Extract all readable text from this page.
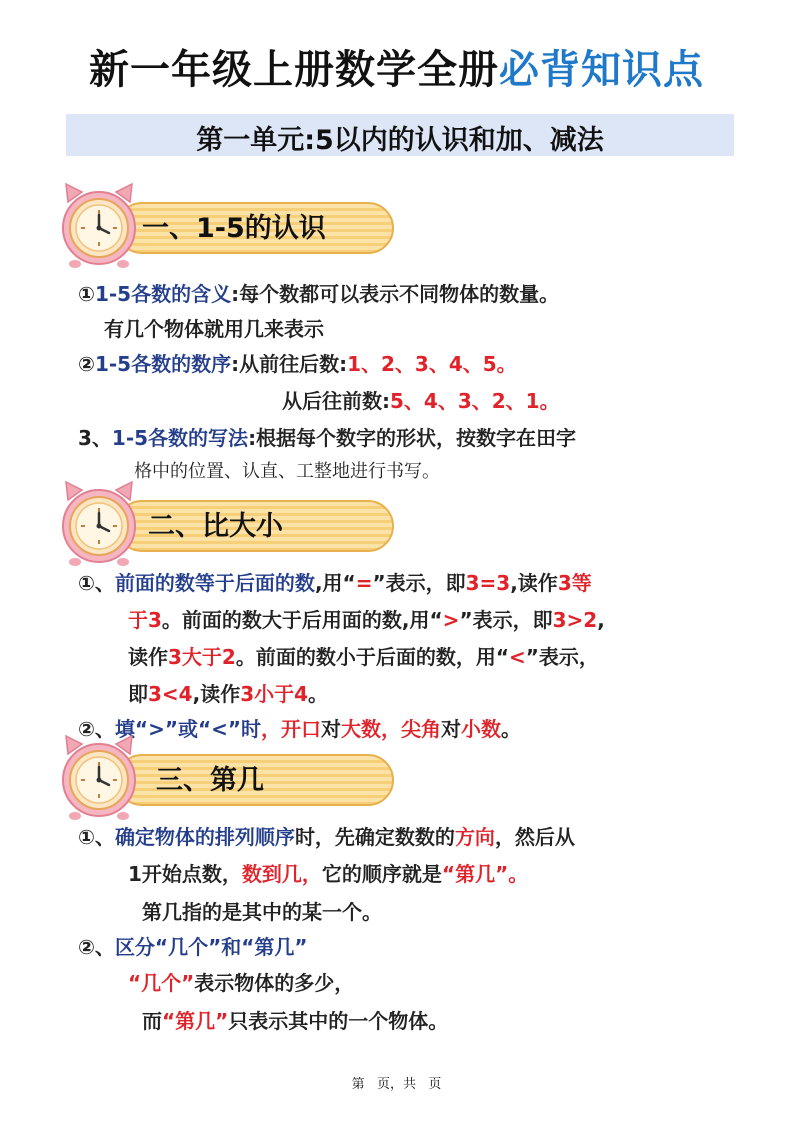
新一年级上册数学全册必背知识点
第一单元:5以内的认识和加、减法
一、1-5的认识
①1-5各数的含义:每个数都可以表示不同物体的数量。
有几个物体就用几来表示
②1-5各数的数序:从前往后数:1、2、3、4、5。
从后往前数:5、4、3、2、1。
3、1-5各数的写法:根据每个数字的形状，按数字在田字
格中的位置、认直、工整地进行书写。
二、比大小
①、前面的数等于后面的数,用“=”表示，即3=3,读作3等
于3。前面的数大于后用面的数,用“>”表示，即3>2,
读作3大于2。前面的数小于后面的数，用“<”表示，
即3<4,读作3小于4。
②、填“>”或“<”时，开口对大数，尖角对小数。
三、第几
①、确定物体的排列顺序时，先确定数数的方向，然后从
1开始点数，数到几，它的顺序就是“第几”。
第几指的是其中的某一个。
②、区分“几个”和“第几”
“几个”表示物体的多少，
而“第几”只表示其中的一个物体。
第   页，共   页
